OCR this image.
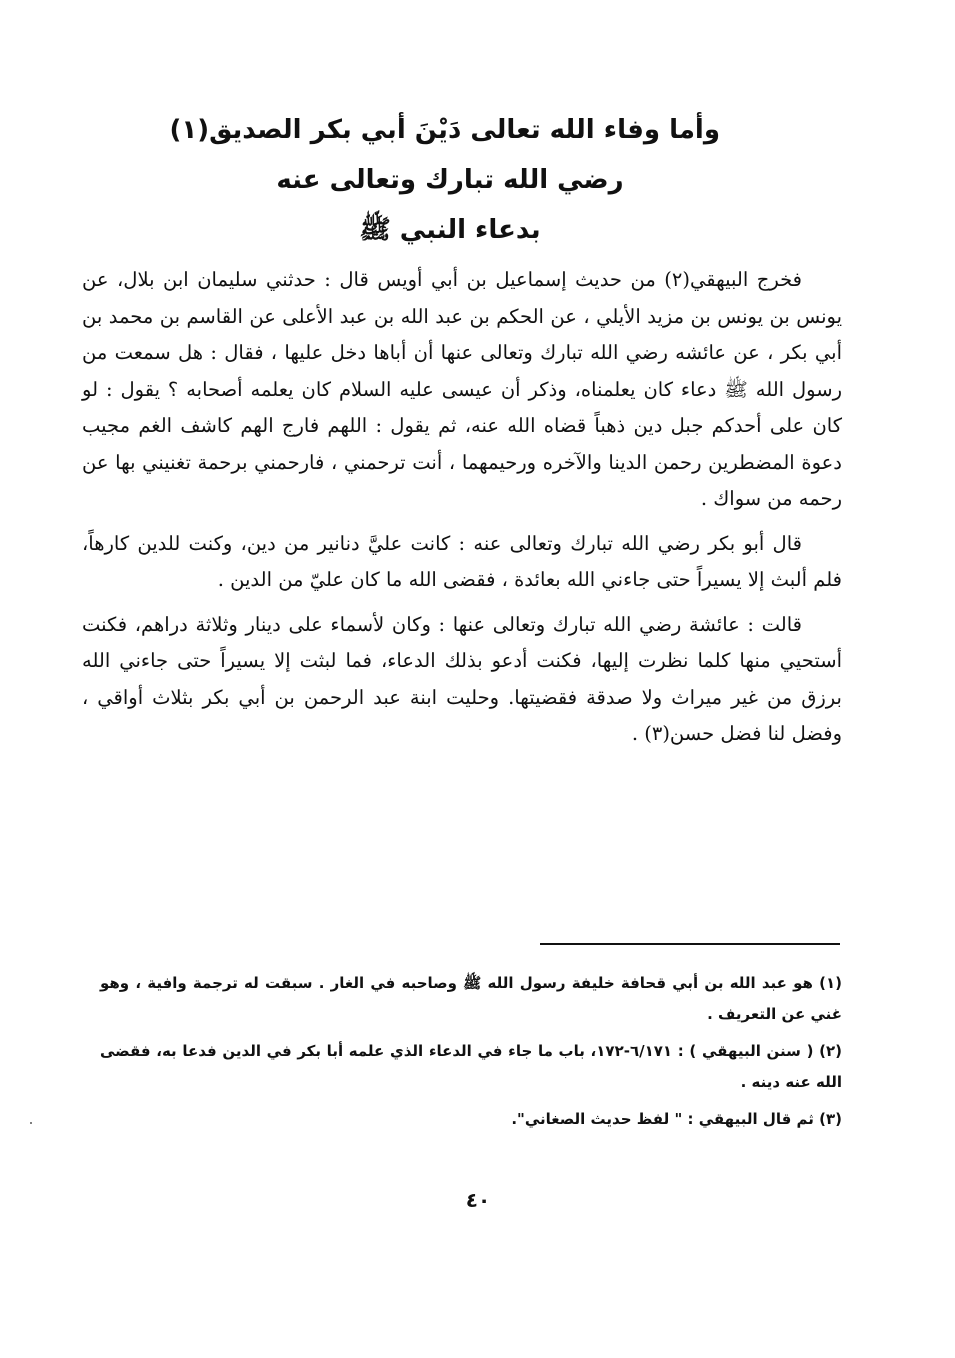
وأما وفاء الله تعالى دَيْنَ أبي بكر الصديق(١)
رضي الله تبارك وتعالى عنه
بدعاء النبي ﷺ

فخرج البيهقي(٢) من حديث إسماعيل بن أبي أويس قال : حدثني سليمان ابن بلال، عن يونس بن يونس بن مزيد الأيلي ، عن الحكم بن عبد الله بن عبد الأعلى عن القاسم بن محمد بن أبي بكر ، عن عائشه رضي الله تبارك وتعالى عنها أن أباها دخل عليها ، فقال : هل سمعت من رسول الله ﷺ دعاء كان يعلمناه، وذكر أن عيسى عليه السلام كان يعلمه أصحابه ؟ يقول : لو كان على أحدكم جبل دين ذهباً قضاه الله عنه، ثم يقول : اللهم فارج الهم كاشف الغم مجيب دعوة المضطرين رحمن الدينا والآخره ورحيمهما ، أنت ترحمني ، فارحمني برحمة تغنيني بها عن رحمه من سواك .

قال أبو بكر رضي الله تبارك وتعالى عنه : كانت عليَّ دنانير من دين، وكنت للدين كارهاً، فلم ألبث إلا يسيراً حتى جاءني الله بعائدة ، فقضى الله ما كان عليّ من الدين .

قالت : عائشة رضي الله تبارك وتعالى عنها : وكان لأسماء على دينار وثلاثة دراهم، فكنت أستحيي منها كلما نظرت إليها، فكنت أدعو بذلك الدعاء، فما لبثت إلا يسيراً حتى جاءني الله برزق من غير ميراث ولا صدقة فقضيتها. وحليت ابنة عبد الرحمن بن أبي بكر بثلاث أواقي ، وفضل لنا فضل حسن(٣) .

(١) هو عبد الله بن أبي قحافة خليفة رسول الله ﷺ وصاحبه في الغار . سبقت له ترجمة وافية ، وهو غني عن التعريف .

(٢) ( سنن البيهقي ) : ٦/١٧١-١٧٢، باب ما جاء في الدعاء الذي علمه أبا بكر في الدين فدعا به، فقضى الله عنه دينه .

(٣) ثم قال البيهقي : " لفظ حديث الصغاني".

٤٠
